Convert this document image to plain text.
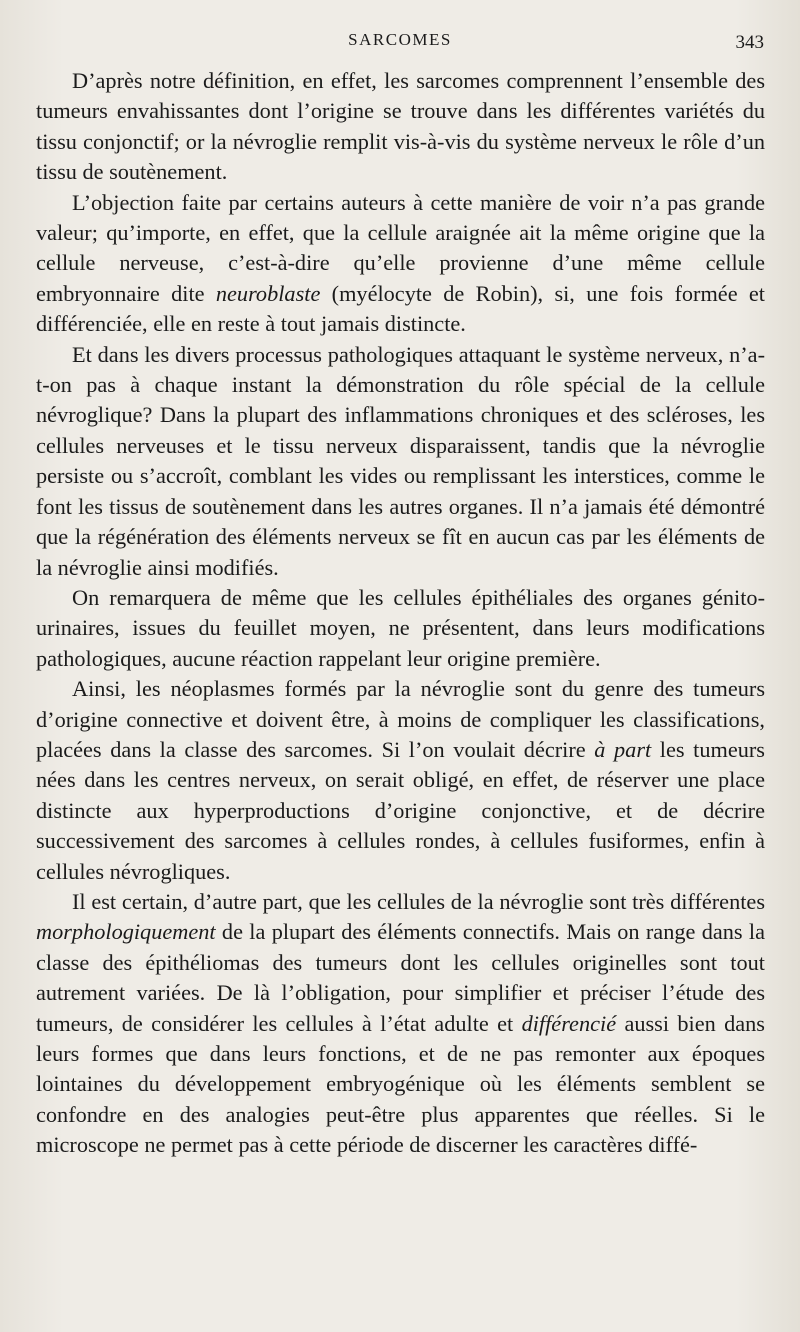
SARCOMES	343

D’après notre définition, en effet, les sarcomes comprennent l’ensemble des tumeurs envahissantes dont l’origine se trouve dans les différentes variétés du tissu conjonctif; or la névroglie remplit vis-à-vis du système nerveux le rôle d’un tissu de soutènement.

L’objection faite par certains auteurs à cette manière de voir n’a pas grande valeur; qu’importe, en effet, que la cellule araignée ait la même origine que la cellule nerveuse, c’est-à-dire qu’elle provienne d’une même cellule embryonnaire dite neuroblaste (myélocyte de Robin), si, une fois formée et différenciée, elle en reste à tout jamais distincte.

Et dans les divers processus pathologiques attaquant le système nerveux, n’a-t-on pas à chaque instant la démonstration du rôle spécial de la cellule névroglique? Dans la plupart des inflammations chroniques et des scléroses, les cellules nerveuses et le tissu nerveux disparaissent, tandis que la névroglie persiste ou s’accroît, comblant les vides ou remplissant les interstices, comme le font les tissus de soutènement dans les autres organes. Il n’a jamais été démontré que la régénération des éléments nerveux se fît en aucun cas par les éléments de la névroglie ainsi modifiés.

On remarquera de même que les cellules épithéliales des organes génito-urinaires, issues du feuillet moyen, ne présentent, dans leurs modifications pathologiques, aucune réaction rappelant leur origine première.

Ainsi, les néoplasmes formés par la névroglie sont du genre des tumeurs d’origine connective et doivent être, à moins de compliquer les classifications, placées dans la classe des sarcomes. Si l’on voulait décrire à part les tumeurs nées dans les centres nerveux, on serait obligé, en effet, de réserver une place distincte aux hyperproductions d’origine conjonctive, et de décrire successivement des sarcomes à cellules rondes, à cellules fusiformes, enfin à cellules névrogliques.

Il est certain, d’autre part, que les cellules de la névroglie sont très différentes morphologiquement de la plupart des éléments connectifs. Mais on range dans la classe des épithéliomas des tumeurs dont les cellules originelles sont tout autrement variées. De là l’obligation, pour simplifier et préciser l’étude des tumeurs, de considérer les cellules à l’état adulte et différencié aussi bien dans leurs formes que dans leurs fonctions, et de ne pas remonter aux époques lointaines du développement embryogénique où les éléments semblent se confondre en des analogies peut-être plus apparentes que réelles. Si le microscope ne permet pas à cette période de discerner les caractères diffé-
